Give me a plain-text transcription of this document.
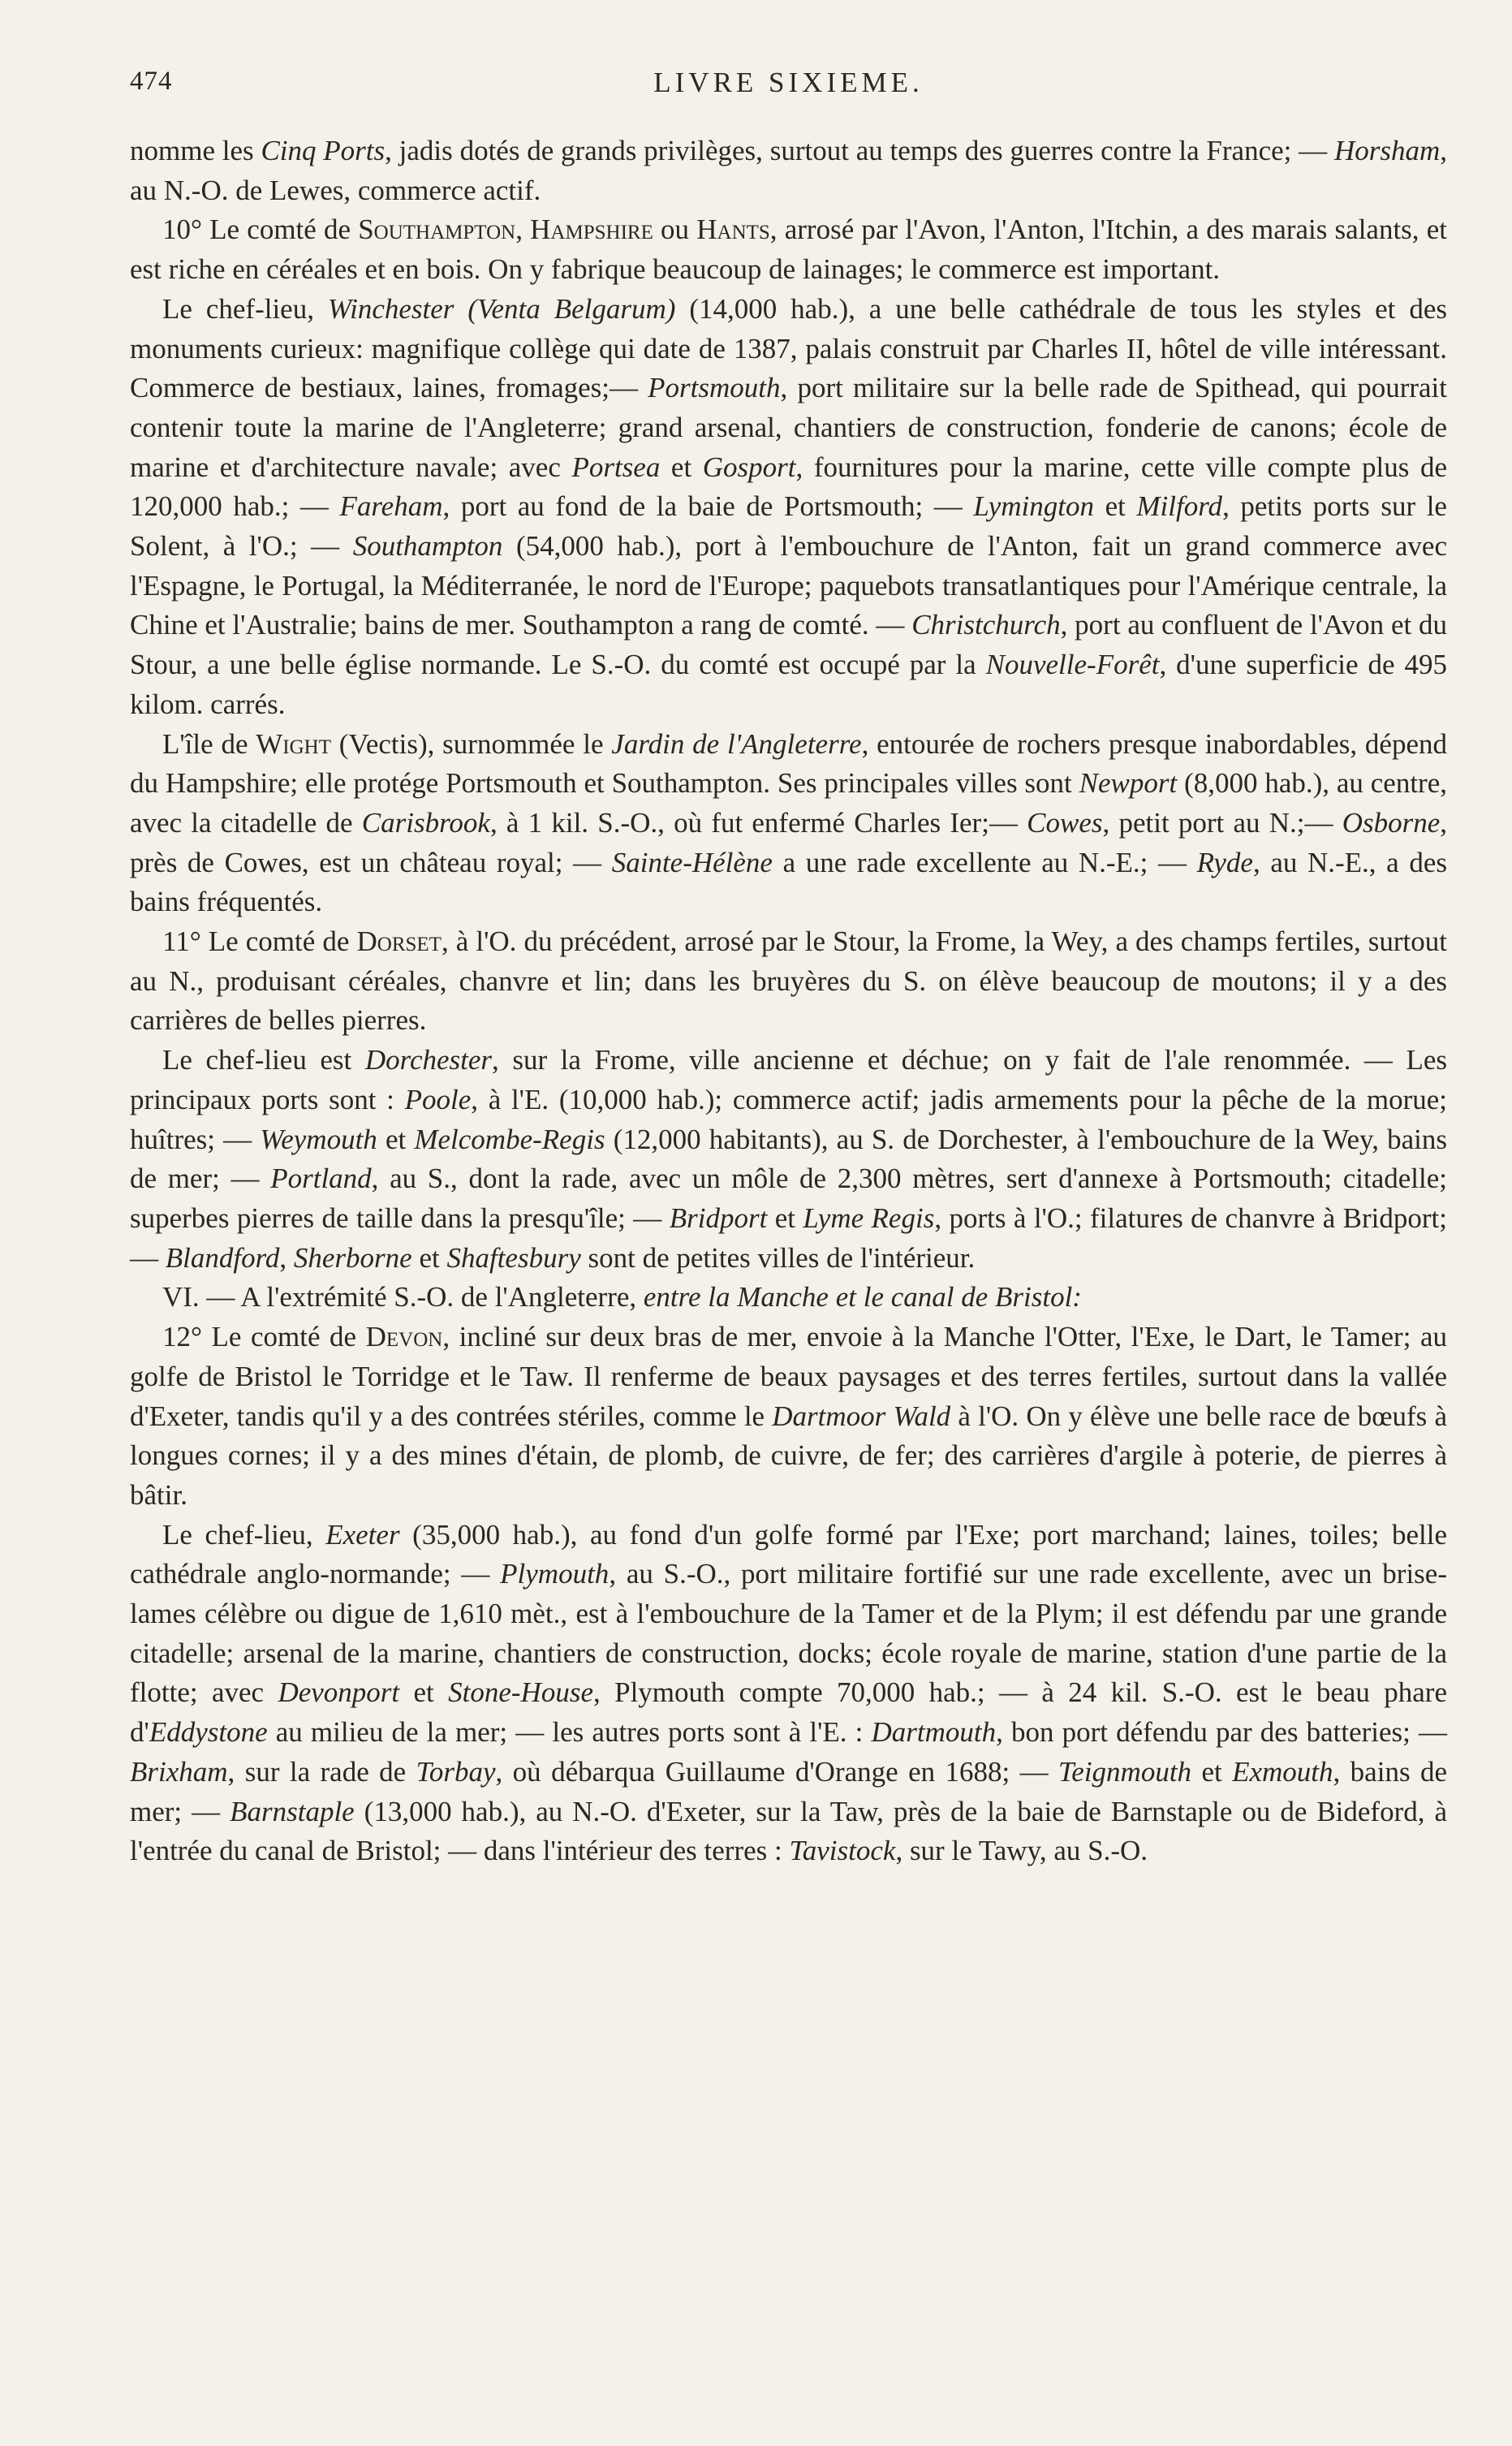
474	LIVRE SIXIEME.

nomme les Cinq Ports, jadis dotés de grands privilèges, surtout au temps des guerres contre la France; — Horsham, au N.-O. de Lewes, commerce actif.

10° Le comté de Southampton, Hampshire ou Hants, arrosé par l'Avon, l'Anton, l'Itchin, a des marais salants, et est riche en céréales et en bois. On y fabrique beaucoup de lainages; le commerce est important.

Le chef-lieu, Winchester (Venta Belgarum) (14,000 hab.), a une belle cathédrale de tous les styles et des monuments curieux: magnifique collège qui date de 1387, palais construit par Charles II, hôtel de ville intéressant. Commerce de bestiaux, laines, fromages;— Portsmouth, port militaire sur la belle rade de Spithead, qui pourrait contenir toute la marine de l'Angleterre; grand arsenal, chantiers de construction, fonderie de canons; école de marine et d'architecture navale; avec Portsea et Gosport, fournitures pour la marine, cette ville compte plus de 120,000 hab.; — Fareham, port au fond de la baie de Portsmouth; — Lymington et Milford, petits ports sur le Solent, à l'O.; — Southampton (54,000 hab.), port à l'embouchure de l'Anton, fait un grand commerce avec l'Espagne, le Portugal, la Méditerranée, le nord de l'Europe; paquebots transatlantiques pour l'Amérique centrale, la Chine et l'Australie; bains de mer. Southampton a rang de comté. — Christchurch, port au confluent de l'Avon et du Stour, a une belle église normande. Le S.-O. du comté est occupé par la Nouvelle-Forêt, d'une superficie de 495 kilom. carrés.

L'île de Wight (Vectis), surnommée le Jardin de l'Angleterre, entourée de rochers presque inabordables, dépend du Hampshire; elle protége Portsmouth et Southampton. Ses principales villes sont Newport (8,000 hab.), au centre, avec la citadelle de Carisbrook, à 1 kil. S.-O., où fut enfermé Charles Ier;— Cowes, petit port au N.;— Osborne, près de Cowes, est un château royal; — Sainte-Hélène a une rade excellente au N.-E.; — Ryde, au N.-E., a des bains fréquentés.

11° Le comté de Dorset, à l'O. du précédent, arrosé par le Stour, la Frome, la Wey, a des champs fertiles, surtout au N., produisant céréales, chanvre et lin; dans les bruyères du S. on élève beaucoup de moutons; il y a des carrières de belles pierres.

Le chef-lieu est Dorchester, sur la Frome, ville ancienne et déchue; on y fait de l'ale renommée. — Les principaux ports sont : Poole, à l'E. (10,000 hab.); commerce actif; jadis armements pour la pêche de la morue; huîtres; — Weymouth et Melcombe-Regis (12,000 habitants), au S. de Dorchester, à l'embouchure de la Wey, bains de mer; — Portland, au S., dont la rade, avec un môle de 2,300 mètres, sert d'annexe à Portsmouth; citadelle; superbes pierres de taille dans la presqu'île; — Bridport et Lyme Regis, ports à l'O.; filatures de chanvre à Bridport; — Blandford, Sherborne et Shaftesbury sont de petites villes de l'intérieur.

VI. — A l'extrémité S.-O. de l'Angleterre, entre la Manche et le canal de Bristol:

12° Le comté de Devon, incliné sur deux bras de mer, envoie à la Manche l'Otter, l'Exe, le Dart, le Tamer; au golfe de Bristol le Torridge et le Taw. Il renferme de beaux paysages et des terres fertiles, surtout dans la vallée d'Exeter, tandis qu'il y a des contrées stériles, comme le Dartmoor Wald à l'O. On y élève une belle race de bœufs à longues cornes; il y a des mines d'étain, de plomb, de cuivre, de fer; des carrières d'argile à poterie, de pierres à bâtir.

Le chef-lieu, Exeter (35,000 hab.), au fond d'un golfe formé par l'Exe; port marchand; laines, toiles; belle cathédrale anglo-normande; — Plymouth, au S.-O., port militaire fortifié sur une rade excellente, avec un brise-lames célèbre ou digue de 1,610 mèt., est à l'embouchure de la Tamer et de la Plym; il est défendu par une grande citadelle; arsenal de la marine, chantiers de construction, docks; école royale de marine, station d'une partie de la flotte; avec Devonport et Stone-House, Plymouth compte 70,000 hab.; — à 24 kil. S.-O. est le beau phare d'Eddystone au milieu de la mer; — les autres ports sont à l'E. : Dartmouth, bon port défendu par des batteries; — Brixham, sur la rade de Torbay, où débarqua Guillaume d'Orange en 1688; — Teignmouth et Exmouth, bains de mer; — Barnstaple (13,000 hab.), au N.-O. d'Exeter, sur la Taw, près de la baie de Barnstaple ou de Bideford, à l'entrée du canal de Bristol; — dans l'intérieur des terres : Tavistock, sur le Tawy, au S.-O.
